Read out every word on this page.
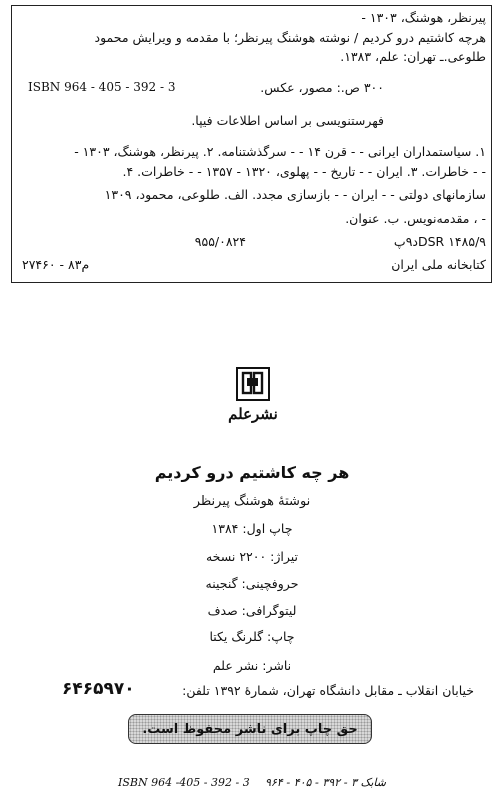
پیرنظر، هوشنگ، ۱۳۰۳ -
هرچه کاشتیم درو کردیم / نوشته هوشنگ پیرنظر؛ با مقدمه و ویرایش محمود
طلوعی.ـ تهران: علم، ۱۳۸۳.
۳۰۰ ص.: مصور، عکس.
ISBN 964 - 405 - 392 - 3
فهرستنویسی بر اساس اطلاعات فیپا.
۱. سیاستمداران ایرانی - - قرن ۱۴ - - سرگذشتنامه. ۲. پیرنظر، هوشنگ، ۱۳۰۳ -
- - خاطرات. ۳. ایران - - تاریخ - - پهلوی، ۱۳۲۰ - ۱۳۵۷ - - خاطرات. ۴.
سازمانهای دولتی - - ایران - - بازسازی مجدد. الف. طلوعی، محمود، ۱۳۰۹
- ، مقدمه‌نویس. ب. عنوان.
DSR ۱۴۸۵/۹د۹پ
۹۵۵/۰۸۲۴
کتابخانه ملی ایران
م۸۳ - ۲۷۴۶۰
نشرعلم
هر چه کاشتیم درو کردیم
نوشتهٔ هوشنگ پیرنظر
چاپ اول: ۱۳۸۴
تیراژ: ۲۲۰۰ نسخه
حروفچینی: گنجینه
لیتوگرافی: صدف
چاپ: گلرنگ یکتا
ناشر: نشر علم
خیابان انقلاب ـ مقابل دانشگاه تهران، شمارهٔ ۱۳۹۲ تلفن:
۶۴۶۵۹۷۰
حق چاپ برای ناشر محفوظ است.
شابک ۳ - ۳۹۲ - ۴۰۵ - ۹۶۴
ISBN 964 -405 - 392 - 3
